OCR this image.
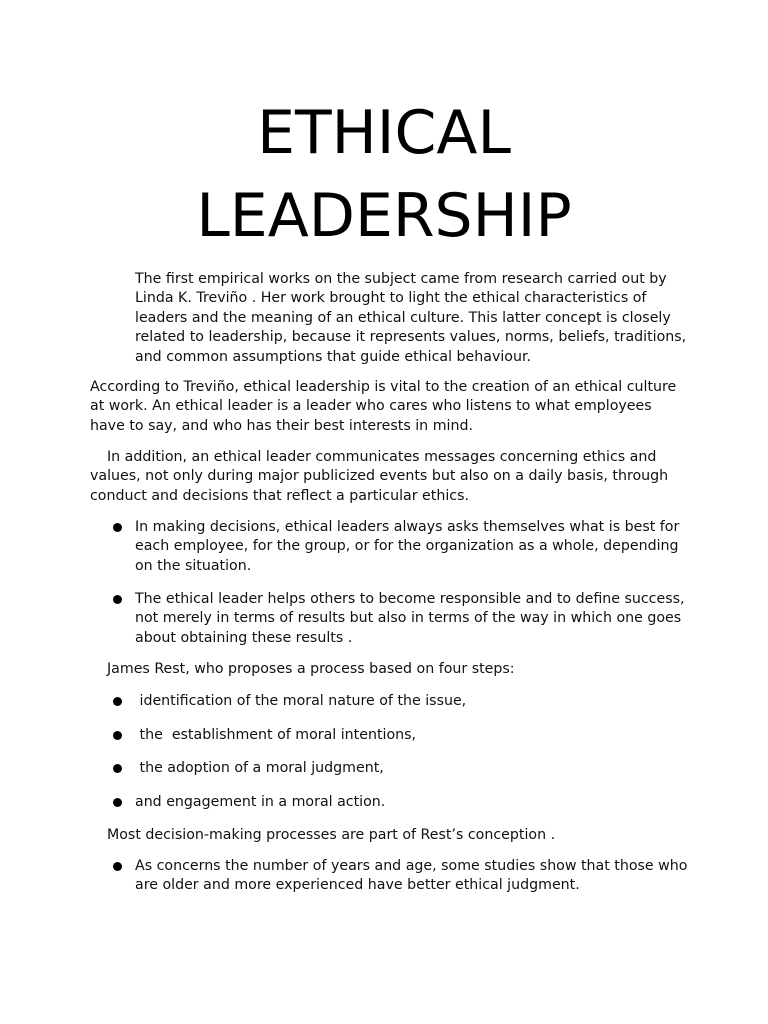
ETHICAL
LEADERSHIP

The first empirical works on the subject came from research carried out by Linda K. Treviño . Her work brought to light the ethical characteristics of leaders and the meaning of an ethical culture. This latter concept is closely related to leadership, because it represents values, norms, beliefs, traditions, and common assumptions that guide ethical behaviour.

According to Treviño, ethical leadership is vital to the creation of an ethical culture at work. An ethical leader is a leader who cares who listens to what employees have to say, and who has their best interests in mind.

In addition, an ethical leader communicates messages concerning ethics and values, not only during major publicized events but also on a daily basis, through conduct and decisions that reflect a particular ethics.

In making decisions, ethical leaders always asks themselves what is best for each employee, for the group, or for the organization as a whole, depending on the situation.
The ethical leader helps others to become responsible and to define success, not merely in terms of results but also in terms of the way in which one goes about obtaining these results .

James Rest, who proposes a process based on four steps:

identification of the moral nature of the issue,
the  establishment of moral intentions,
the adoption of a moral judgment,
and engagement in a moral action.

Most decision-making processes are part of Rest’s conception .

As concerns the number of years and age, some studies show that those who are older and more experienced have better ethical judgment.
